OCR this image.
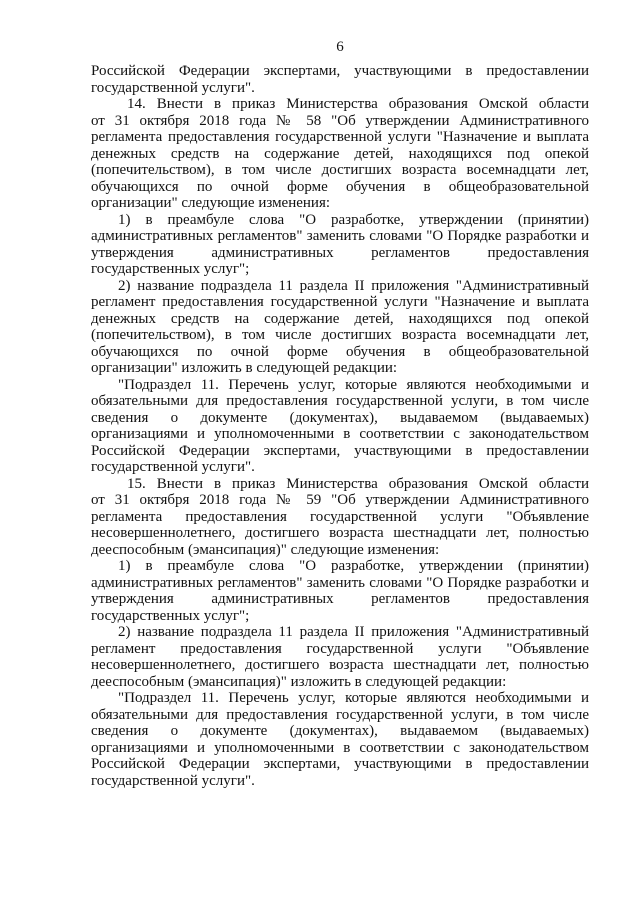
6
Российской Федерации экспертами, участвующими в предоставлении
государственной услуги".
14. Внести в приказ Министерства образования Омской области
от 31 октября 2018 года № 58 "Об утверждении Административного
регламента предоставления государственной услуги "Назначение и выплата
денежных средств на содержание детей, находящихся под опекой
(попечительством), в том числе достигших возраста восемнадцати лет,
обучающихся по очной форме обучения в общеобразовательной
организации" следующие изменения:
1) в преамбуле слова "О разработке, утверждении (принятии)
административных регламентов" заменить словами "О Порядке разработки и
утверждения административных регламентов предоставления
государственных услуг";
2) название подраздела 11 раздела II приложения "Административный
регламент предоставления государственной услуги "Назначение и выплата
денежных средств на содержание детей, находящихся под опекой
(попечительством), в том числе достигших возраста восемнадцати лет,
обучающихся по очной форме обучения в общеобразовательной
организации" изложить в следующей редакции:
"Подраздел 11. Перечень услуг, которые являются необходимыми и
обязательными для предоставления государственной услуги, в том числе
сведения о документе (документах), выдаваемом (выдаваемых)
организациями и уполномоченными в соответствии с законодательством
Российской Федерации экспертами, участвующими в предоставлении
государственной услуги".
15. Внести в приказ Министерства образования Омской области
от 31 октября 2018 года № 59 "Об утверждении Административного
регламента предоставления государственной услуги "Объявление
несовершеннолетнего, достигшего возраста шестнадцати лет, полностью
дееспособным (эмансипация)" следующие изменения:
1) в преамбуле слова "О разработке, утверждении (принятии)
административных регламентов" заменить словами "О Порядке разработки и
утверждения административных регламентов предоставления
государственных услуг";
2) название подраздела 11 раздела II приложения "Административный
регламент предоставления государственной услуги "Объявление
несовершеннолетнего, достигшего возраста шестнадцати лет, полностью
дееспособным (эмансипация)" изложить в следующей редакции:
"Подраздел 11. Перечень услуг, которые являются необходимыми и
обязательными для предоставления государственной услуги, в том числе
сведения о документе (документах), выдаваемом (выдаваемых)
организациями и уполномоченными в соответствии с законодательством
Российской Федерации экспертами, участвующими в предоставлении
государственной услуги".
